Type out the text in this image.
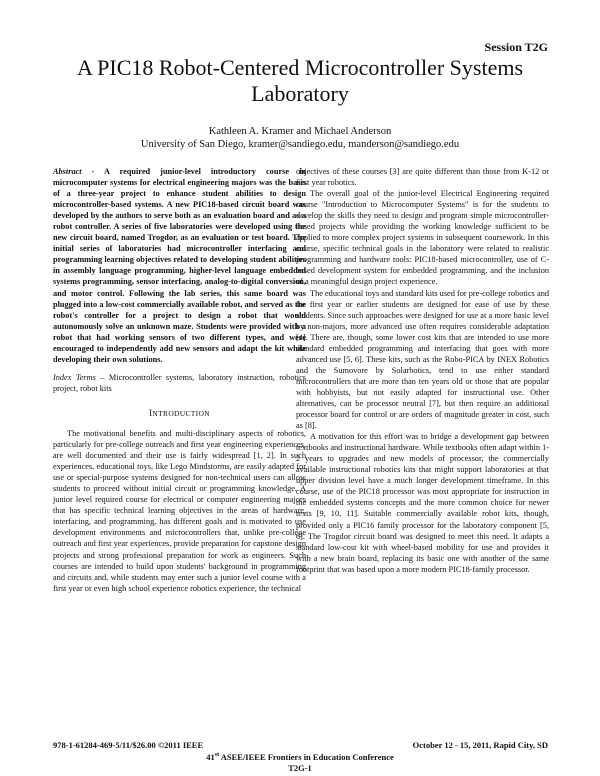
Session T2G
A PIC18 Robot-Centered Microcontroller Systems Laboratory
Kathleen A. Kramer and Michael Anderson
University of San Diego, kramer@sandiego.edu, manderson@sandiego.edu

Abstract - A required junior-level introductory course in microcomputer systems for electrical engineering majors was the basis of a three-year project to enhance student abilities to design microcontroller-based systems. A new PIC18-based circuit board was developed by the authors to serve both as an evaluation board and as a robot controller. A series of five laboratories were developed using the new circuit board, named Trogdor, as an evaluation or test board. The initial series of laboratories had microcontroller interfacing and programming learning objectives related to developing student abilities in assembly language programming, higher-level language embedded systems programming, sensor interfacing, analog-to-digital conversion, and motor control. Following the lab series, this same board was plugged into a low-cost commercially available robot, and served as the robot's controller for a project to design a robot that would autonomously solve an unknown maze. Students were provided with a robot that had working sensors of two different types, and were encouraged to independently add new sensors and adapt the kit while developing their own solutions.

Index Terms – Microcontroller systems, laboratory instruction, robotics project, robot kits

INTRODUCTION

The motivational benefits and multi-disciplinary aspects of robotics, particularly for pre-college outreach and first year engineering experiences, are well documented and their use is fairly widespread [1, 2]. In such experiences, educational toys, like Lego Mindstorms, are easily adapted for use or special-purpose systems designed for non-technical users can allow students to proceed without initial circuit or programming knowledge. A junior level required course for electrical or computer engineering majors that has specific technical learning objectives in the areas of hardware, interfacing, and programming, has different goals and is motivated to use development environments and microcontrollers that, unlike pre-college outreach and first year experiences, provide preparation for capstone design projects and strong professional preparation for work as engineers. Such courses are intended to build upon students' background in programming and circuits and, while students may enter such a junior level course with a first year or even high school experience robotics experience, the technical

objectives of these courses [3] are quite different than those from K-12 or first year robotics.

The overall goal of the junior-level Electrical Engineering required course "Introduction to Microcomputer Systems" is for the students to develop the skills they need to design and program simple microcontroller-based projects while providing the working knowledge sufficient to be applied to more complex project systems in subsequent coursework. In this course, specific technical goals in the laboratory were related to realistic programming and hardware tools: PIC18-based microcontroller, use of C-based development system for embedded programming, and the inclusion of a meaningful design project experience.

The educational toys and standard kits used for pre-college robotics and for first year or earlier students are designed for ease of use by these students. Since such approaches were designed for use at a more basic level by non-majors, more advanced use often requires considerable adaptation [4]. There are, though, some lower cost kits that are intended to use more standard embedded programming and interfacing that goes with more advanced use [5, 6]. These kits, such as the Robo-PICA by INEX Robotics and the Sumovore by Solarbotics, tend to use either standard microcontrollers that are more than ten years old or those that are popular with hobbyists, but not easily adapted for instructional use. Other alternatives, can be processor neutral [7], but then require an additional processor board for control or are orders of magnitude greater in cost, such as [8].

A motivation for this effort was to bridge a development gap between textbooks and instructional hardware. While textbooks often adapt within 1-2 years to upgrades and new models of processor, the commercially available instructional robotics kits that might support laboratories at that upper division level have a much longer development timeframe. In this course, use of the PIC18 processor was most appropriate for instruction in the embedded systems concepts and the more common choice for newer texts [9, 10, 11]. Suitable commercially available robot kits, though, provided only a PIC16 family processor for the laboratory component [5, 6]. The Trogdor circuit board was designed to meet this need. It adapts a standard low-cost kit with wheel-based mobility for use and provides it with a new brain board, replacing its basic one with another of the same footprint that was based upon a more modern PIC18-family processor.

978-1-61284-469-5/11/$26.00 ©2011 IEEE	October 12 - 15, 2011, Rapid City, SD
41st ASEE/IEEE Frontiers in Education Conference
T2G-1
